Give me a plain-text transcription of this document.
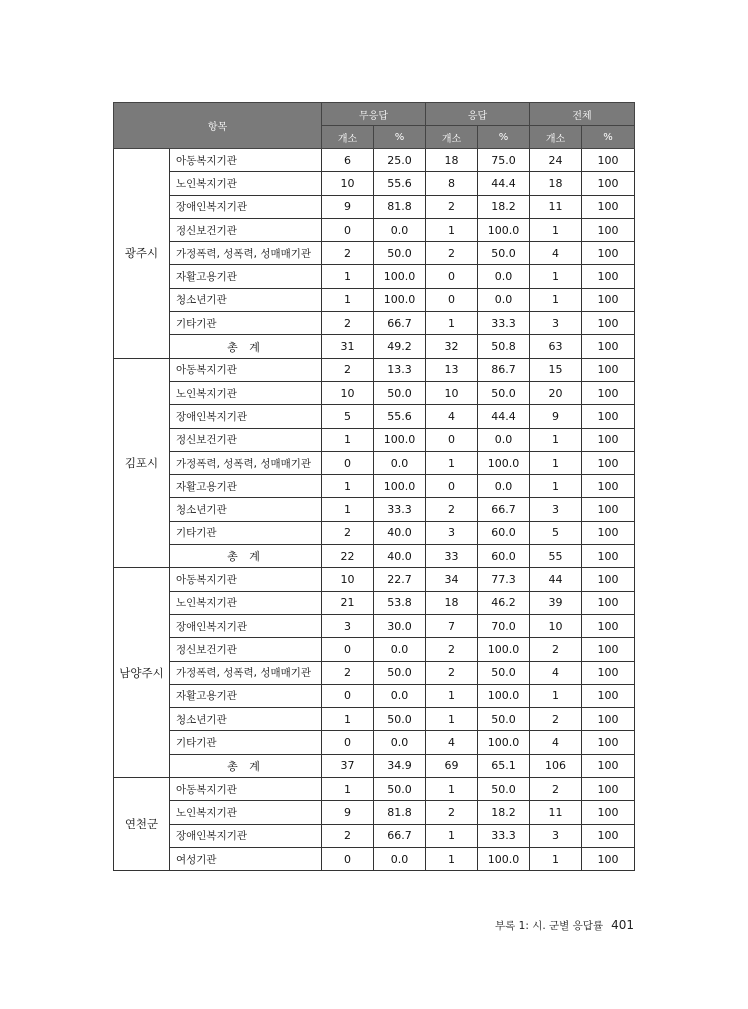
항목		무응답		응답		전체	
		개소	%	개소	%	개소	%
광주시	아동복지기관	6	25.0	18	75.0	24	100
	노인복지기관	10	55.6	8	44.4	18	100
	장애인복지기관	9	81.8	2	18.2	11	100
	정신보건기관	0	0.0	1	100.0	1	100
	가정폭력, 성폭력, 성매매기관	2	50.0	2	50.0	4	100
	자활고용기관	1	100.0	0	0.0	1	100
	청소년기관	1	100.0	0	0.0	1	100
	기타기관	2	66.7	1	33.3	3	100
	총 계	31	49.2	32	50.8	63	100
김포시	아동복지기관	2	13.3	13	86.7	15	100
	노인복지기관	10	50.0	10	50.0	20	100
	장애인복지기관	5	55.6	4	44.4	9	100
	정신보건기관	1	100.0	0	0.0	1	100
	가정폭력, 성폭력, 성매매기관	0	0.0	1	100.0	1	100
	자활고용기관	1	100.0	0	0.0	1	100
	청소년기관	1	33.3	2	66.7	3	100
	기타기관	2	40.0	3	60.0	5	100
	총 계	22	40.0	33	60.0	55	100
남양주시	아동복지기관	10	22.7	34	77.3	44	100
	노인복지기관	21	53.8	18	46.2	39	100
	장애인복지기관	3	30.0	7	70.0	10	100
	정신보건기관	0	0.0	2	100.0	2	100
	가정폭력, 성폭력, 성매매기관	2	50.0	2	50.0	4	100
	자활고용기관	0	0.0	1	100.0	1	100
	청소년기관	1	50.0	1	50.0	2	100
	기타기관	0	0.0	4	100.0	4	100
	총 계	37	34.9	69	65.1	106	100
연천군	아동복지기관	1	50.0	1	50.0	2	100
	노인복지기관	9	81.8	2	18.2	11	100
	장애인복지기관	2	66.7	1	33.3	3	100
	여성기관	0	0.0	1	100.0	1	100
부록 1: 시. 군별 응답률 401
